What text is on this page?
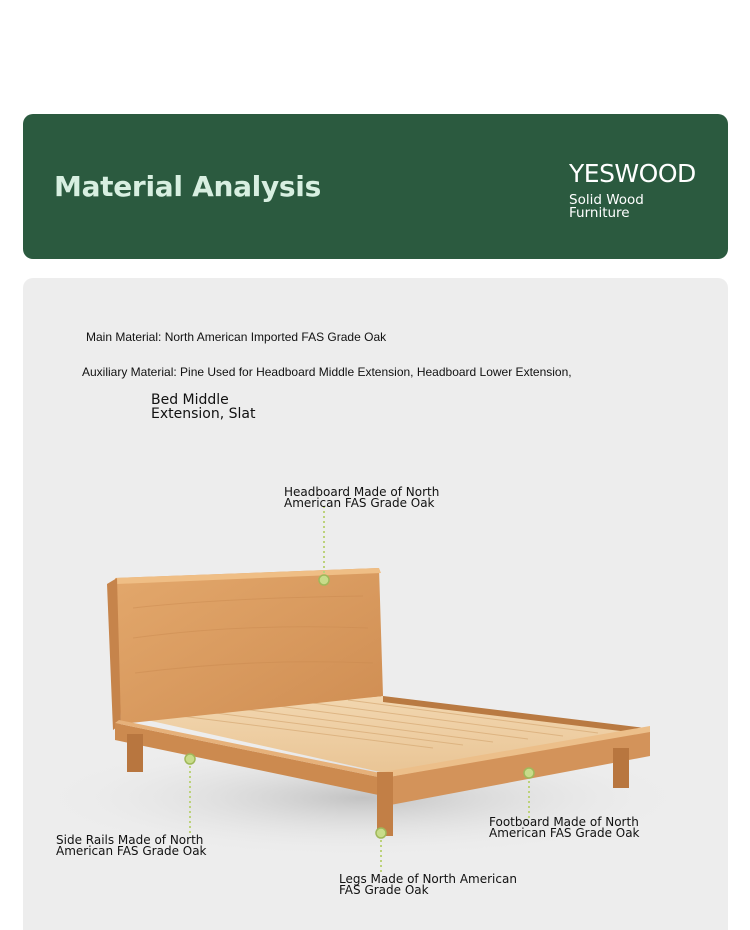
Material Analysis	YESWOOD
Solid Wood
Furniture
Main Material: North American Imported FAS Grade Oak
Auxiliary Material: Pine Used for Headboard Middle Extension, Headboard Lower Extension,
Bed Middle
Extension, Slat
Headboard Made of North
American FAS Grade Oak
Side Rails Made of North
American FAS Grade Oak
Footboard Made of North
American FAS Grade Oak
Legs Made of North American
FAS Grade Oak
